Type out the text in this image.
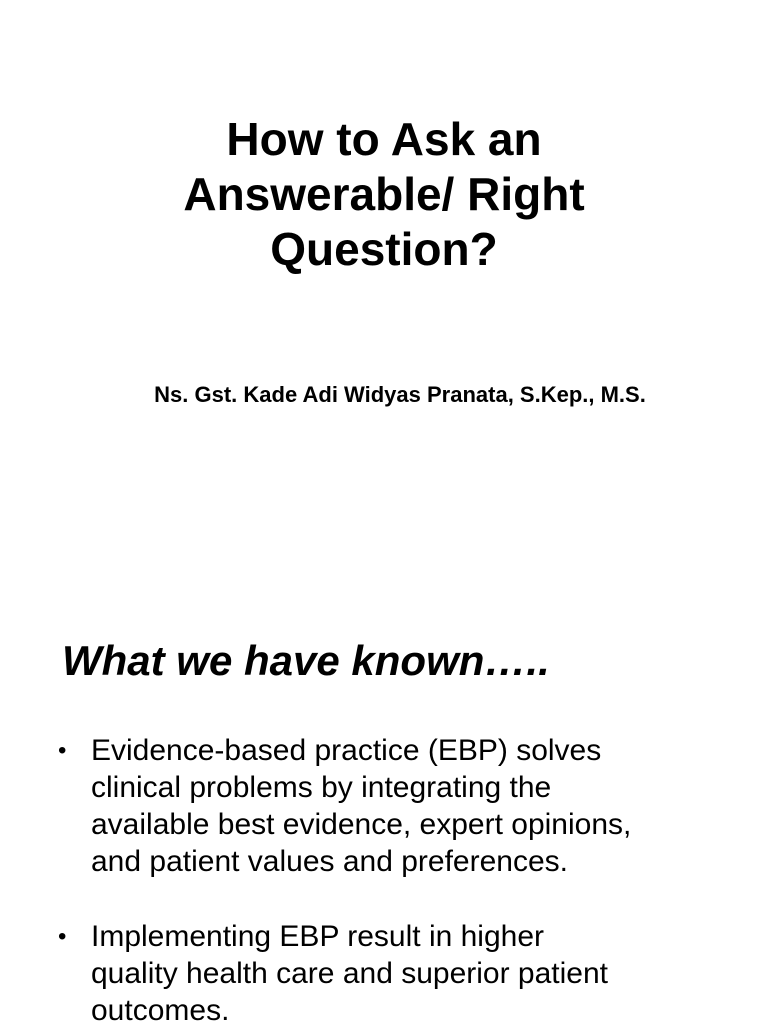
How to Ask an
Answerable/ Right
Question?

Ns. Gst. Kade Adi Widyas Pranata, S.Kep., M.S.

What we have known…..
• Evidence-based practice (EBP) solves
clinical problems by integrating the
available best evidence, expert opinions,
and patient values and preferences.
• Implementing EBP result in higher
quality health care and superior patient
outcomes.
